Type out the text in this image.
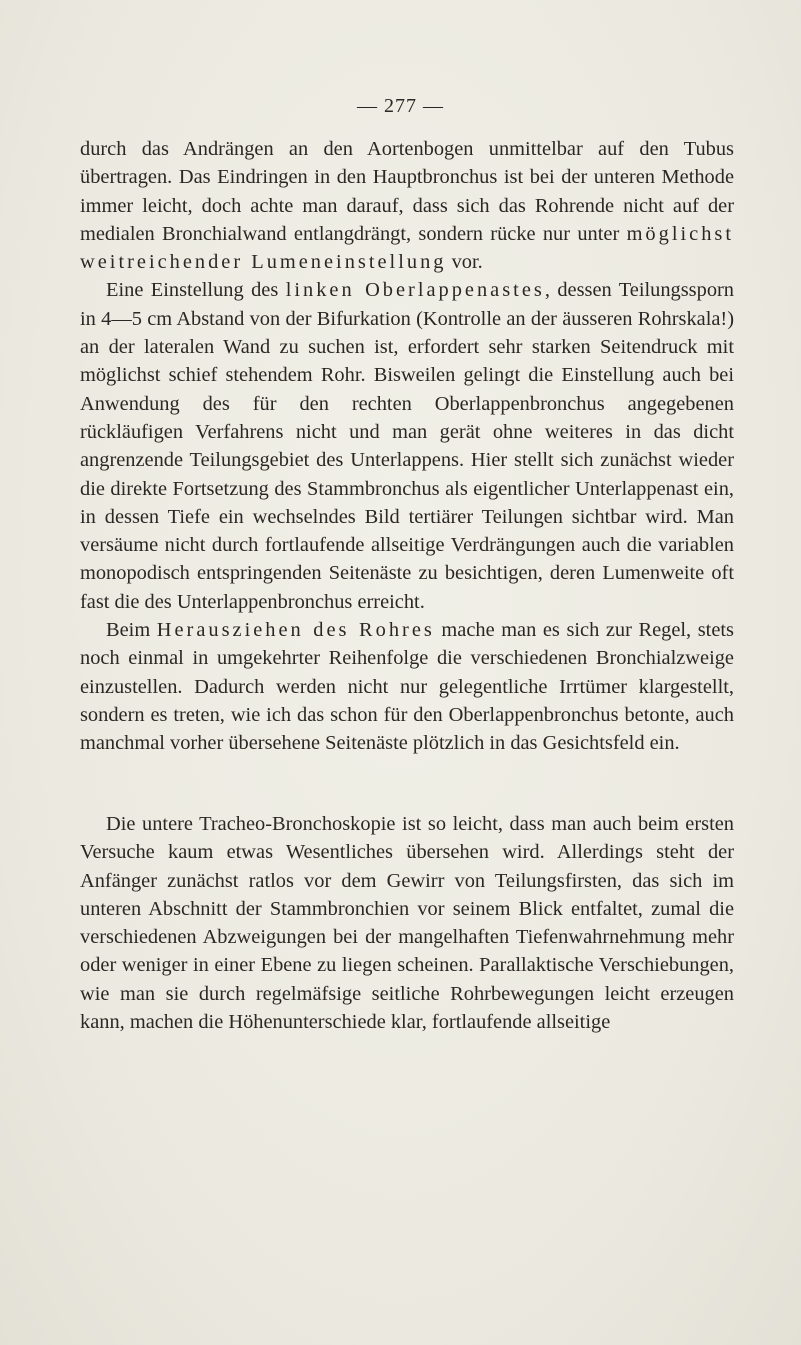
— 277 —

durch das Andrängen an den Aortenbogen unmittelbar auf den Tubus übertragen. Das Eindringen in den Hauptbronchus ist bei der unteren Methode immer leicht, doch achte man darauf, dass sich das Rohrende nicht auf der medialen Bronchialwand entlangdrängt, sondern rücke nur unter möglichst weitreichender Lumeneinstellung vor.

Eine Einstellung des linken Oberlappenastes, dessen Teilungssporn in 4—5 cm Abstand von der Bifurkation (Kontrolle an der äusseren Rohrskala!) an der lateralen Wand zu suchen ist, erfordert sehr starken Seitendruck mit möglichst schief stehendem Rohr. Bisweilen gelingt die Einstellung auch bei Anwendung des für den rechten Oberlappenbronchus angegebenen rückläufigen Verfahrens nicht und man gerät ohne weiteres in das dicht angrenzende Teilungsgebiet des Unterlappens. Hier stellt sich zunächst wieder die direkte Fortsetzung des Stammbronchus als eigentlicher Unterlappenast ein, in dessen Tiefe ein wechselndes Bild tertiärer Teilungen sichtbar wird. Man versäume nicht durch fortlaufende allseitige Verdrängungen auch die variablen monopodisch entspringenden Seitenäste zu besichtigen, deren Lumenweite oft fast die des Unterlappenbronchus erreicht.

Beim Herausziehen des Rohres mache man es sich zur Regel, stets noch einmal in umgekehrter Reihenfolge die verschiedenen Bronchialzweige einzustellen. Dadurch werden nicht nur gelegentliche Irrtümer klargestellt, sondern es treten, wie ich das schon für den Oberlappenbronchus betonte, auch manchmal vorher übersehene Seitenäste plötzlich in das Gesichtsfeld ein.

Die untere Tracheo-Bronchoskopie ist so leicht, dass man auch beim ersten Versuche kaum etwas Wesentliches übersehen wird. Allerdings steht der Anfänger zunächst ratlos vor dem Gewirr von Teilungsfirsten, das sich im unteren Abschnitt der Stammbronchien vor seinem Blick entfaltet, zumal die verschiedenen Abzweigungen bei der mangelhaften Tiefenwahrnehmung mehr oder weniger in einer Ebene zu liegen scheinen. Parallaktische Verschiebungen, wie man sie durch regelmäfsige seitliche Rohrbewegungen leicht erzeugen kann, machen die Höhenunterschiede klar, fortlaufende allseitige
